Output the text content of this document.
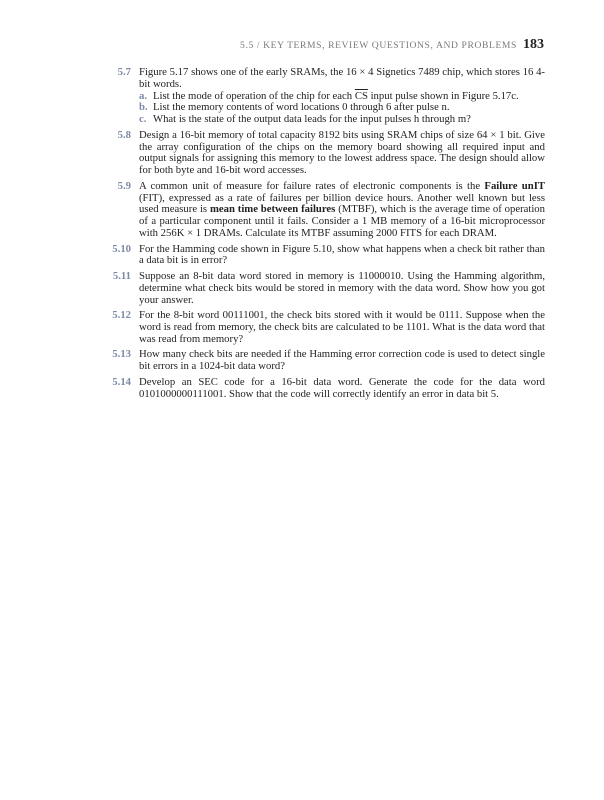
5.5 / KEY TERMS, REVIEW QUESTIONS, AND PROBLEMS 183
5.7 Figure 5.17 shows one of the early SRAMs, the 16 × 4 Signetics 7489 chip, which stores 16 4-bit words.
a. List the mode of operation of the chip for each $\overline{CS}$ input pulse shown in Figure 5.17c.
b. List the memory contents of word locations 0 through 6 after pulse n.
c. What is the state of the output data leads for the input pulses h through m?
5.8 Design a 16-bit memory of total capacity 8192 bits using SRAM chips of size 64 × 1 bit. Give the array configuration of the chips on the memory board showing all required input and output signals for assigning this memory to the lowest address space. The design should allow for both byte and 16-bit word accesses.
5.9 A common unit of measure for failure rates of electronic components is the Failure unIT (FIT), expressed as a rate of failures per billion device hours. Another well known but less used measure is mean time between failures (MTBF), which is the average time of operation of a particular component until it fails. Consider a 1 MB memory of a 16-bit microprocessor with 256K × 1 DRAMs. Calculate its MTBF assuming 2000 FITS for each DRAM.
5.10 For the Hamming code shown in Figure 5.10, show what happens when a check bit rather than a data bit is in error?
5.11 Suppose an 8-bit data word stored in memory is 11000010. Using the Hamming algorithm, determine what check bits would be stored in memory with the data word. Show how you got your answer.
5.12 For the 8-bit word 00111001, the check bits stored with it would be 0111. Suppose when the word is read from memory, the check bits are calculated to be 1101. What is the data word that was read from memory?
5.13 How many check bits are needed if the Hamming error correction code is used to detect single bit errors in a 1024-bit data word?
5.14 Develop an SEC code for a 16-bit data word. Generate the code for the data word 0101000000111001. Show that the code will correctly identify an error in data bit 5.
